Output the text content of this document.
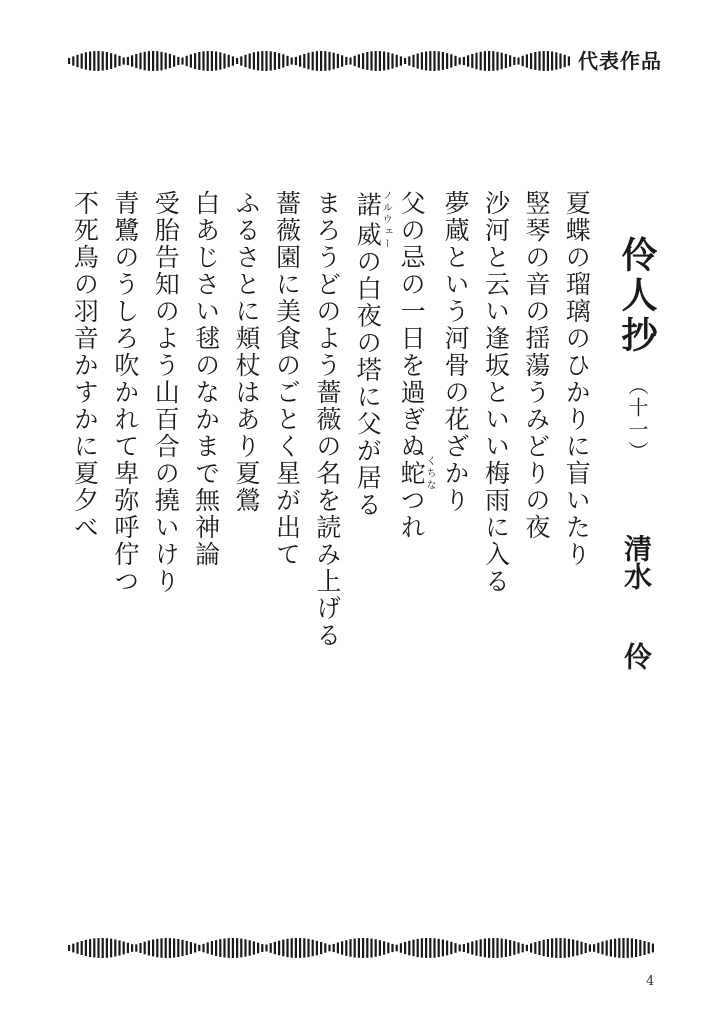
代表作品
伶人抄 （十一）
清水
伶
夏蝶の瑠璃のひかりに盲いたり
竪琴の音の揺蕩うみどりの夜
沙河と云い逢坂といい梅雨に入る
夢蔵という河骨の花ざかり
父の忌の一日を過ぎぬ蛇くちなつれ
諾威ノルウェーの白夜の塔に父が居る
まろうどのよう薔薇の名を読み上げる
薔薇園に美食のごとく星が出て
ふるさとに頬杖はあり夏鶯
白あじさい毬のなかまで無神論
受胎告知のよう山百合の撓いけり
青鷺のうしろ吹かれて卑弥呼佇つ
不死鳥の羽音かすかに夏夕べ
4
